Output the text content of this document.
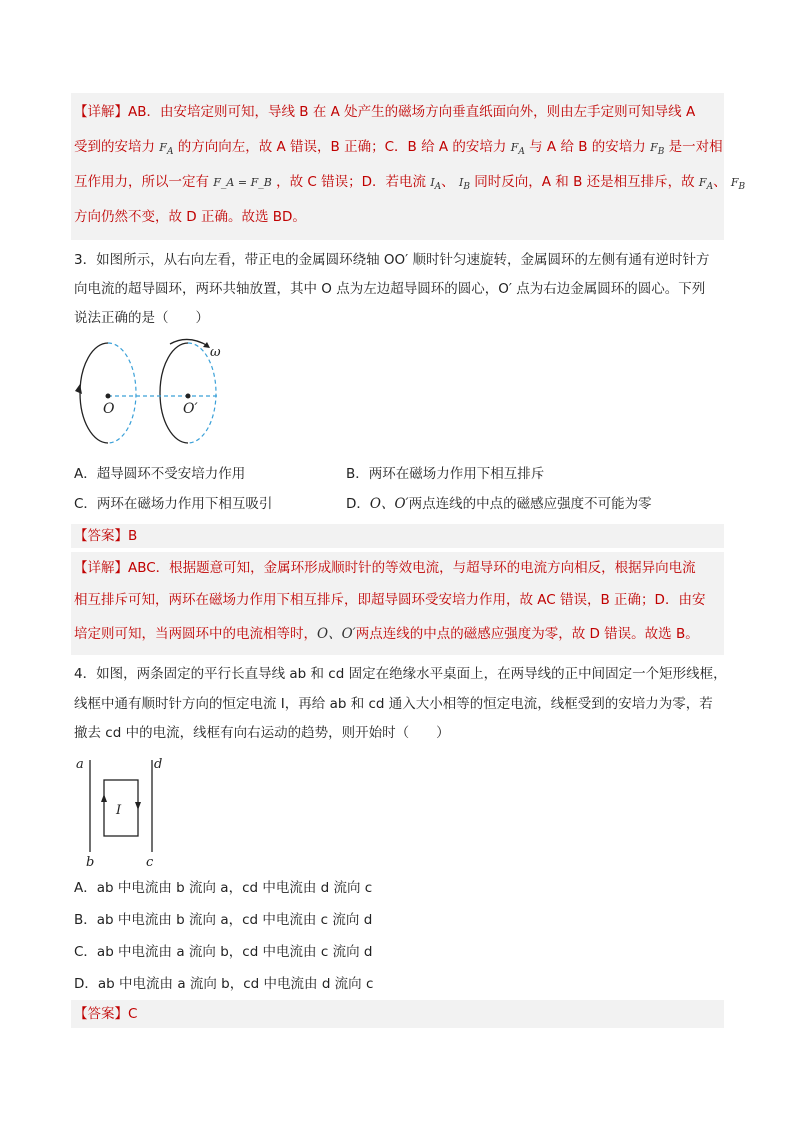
【详解】AB．由安培定则可知，导线 B 在 A 处产生的磁场方向垂直纸面向外，则由左手定则可知导线 A
受到的安培力 $F_A$ 的方向向左，故 A 错误，B 正确；C．B 给 A 的安培力 $F_A$ 与 A 给 B 的安培力 $F_B$ 是一对相
互作用力，所以一定有 F_A = F_B ，故 C 错误；D．若电流 $I_A$、 $I_B$ 同时反向，A 和 B 还是相互排斥，故 $F_A$、 $F_B$
方向仍然不变，故 D 正确。故选 BD。
3．如图所示，从右向左看，带正电的金属圆环绕轴 OO′ 顺时针匀速旋转，金属圆环的左侧有通有逆时针方
向电流的超导圆环，两环共轴放置，其中 O 点为左边超导圆环的圆心，O′ 点为右边金属圆环的圆心。下列
说法正确的是（　　）
O	O′
ω
A．超导圆环不受安培力作用	B．两环在磁场力作用下相互排斥
C．两环在磁场力作用下相互吸引	D．O、O′两点连线的中点的磁感应强度不可能为零
【答案】B
【详解】ABC．根据题意可知，金属环形成顺时针的等效电流，与超导环的电流方向相反，根据异向电流
相互排斥可知，两环在磁场力作用下相互排斥，即超导圆环受安培力作用，故 AC 错误，B 正确；D．由安
培定则可知，当两圆环中的电流相等时，O、O′两点连线的中点的磁感应强度为零，故 D 错误。故选 B。
4．如图，两条固定的平行长直导线 ab 和 cd 固定在绝缘水平桌面上，在两导线的正中间固定一个矩形线框，
线框中通有顺时针方向的恒定电流 I，再给 ab 和 cd 通入大小相等的恒定电流，线框受到的安培力为零，若
撤去 cd 中的电流，线框有向右运动的趋势，则开始时（　　）
a
b	c
d
I
A．ab 中电流由 b 流向 a，cd 中电流由 d 流向 c
B．ab 中电流由 b 流向 a，cd 中电流由 c 流向 d
C．ab 中电流由 a 流向 b，cd 中电流由 c 流向 d
D．ab 中电流由 a 流向 b，cd 中电流由 d 流向 c
【答案】C
